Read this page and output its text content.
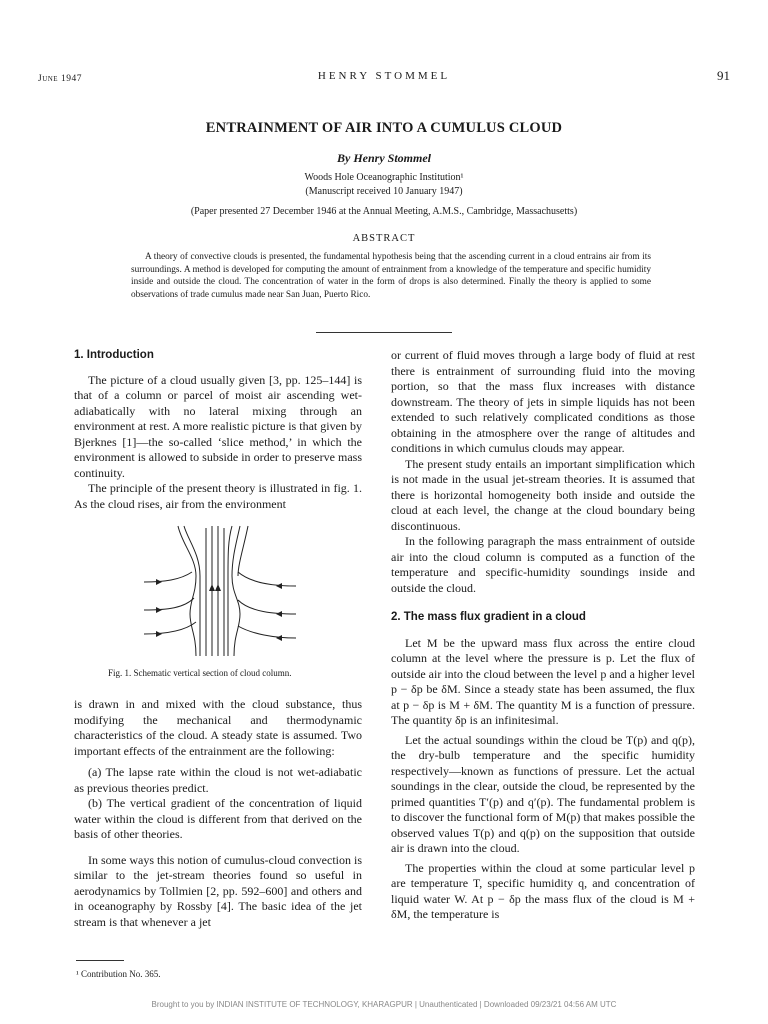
June 1947	HENRY STOMMEL	91
ENTRAINMENT OF AIR INTO A CUMULUS CLOUD
By Henry Stommel
Woods Hole Oceanographic Institution¹
(Manuscript received 10 January 1947)
(Paper presented 27 December 1946 at the Annual Meeting, A.M.S., Cambridge, Massachusetts)
ABSTRACT
A theory of convective clouds is presented, the fundamental hypothesis being that the ascending current in a cloud entrains air from its surroundings. A method is developed for computing the amount of entrainment from a knowledge of the temperature and specific humidity inside and outside the cloud. The concentration of water in the form of drops is also determined. Finally the theory is applied to some observations of trade cumulus made near San Juan, Puerto Rico.

1. Introduction

The picture of a cloud usually given [3, pp. 125–144] is that of a column or parcel of moist air ascending wet-adiabatically with no lateral mixing through an environment at rest. A more realistic picture is that given by Bjerknes [1]—the so-called ‘slice method,’ in which the environment is allowed to subside in order to preserve mass continuity.

The principle of the present theory is illustrated in fig. 1. As the cloud rises, air from the environment

Fig. 1. Schematic vertical section of cloud column.

is drawn in and mixed with the cloud substance, thus modifying the mechanical and thermodynamic characteristics of the cloud. A steady state is assumed. Two important effects of the entrainment are the following:

(a) The lapse rate within the cloud is not wet-adiabatic as previous theories predict.

(b) The vertical gradient of the concentration of liquid water within the cloud is different from that derived on the basis of other theories.

In some ways this notion of cumulus-cloud convection is similar to the jet-stream theories found so useful in aerodynamics by Tollmien [2, pp. 592–600] and others and in oceanography by Rossby [4]. The basic idea of the jet stream is that whenever a jet

¹ Contribution No. 365.

or current of fluid moves through a large body of fluid at rest there is entrainment of surrounding fluid into the moving portion, so that the mass flux increases with distance downstream. The theory of jets in simple liquids has not been extended to such relatively complicated conditions as those obtaining in the atmosphere over the range of altitudes and conditions in which cumulus clouds may appear.

The present study entails an important simplification which is not made in the usual jet-stream theories. It is assumed that there is horizontal homogeneity both inside and outside the cloud at each level, the change at the cloud boundary being discontinuous.

In the following paragraph the mass entrainment of outside air into the cloud column is computed as a function of the temperature and specific-humidity soundings inside and outside the cloud.

2. The mass flux gradient in a cloud

Let M be the upward mass flux across the entire cloud column at the level where the pressure is p. Let the flux of outside air into the cloud between the level p and a higher level p − δp be δM. Since a steady state has been assumed, the flux at p − δp is M + δM. The quantity M is a function of pressure. The quantity δp is an infinitesimal.

Let the actual soundings within the cloud be T(p) and q(p), the dry-bulb temperature and the specific humidity respectively—known as functions of pressure. Let the actual soundings in the clear, outside the cloud, be represented by the primed quantities T′(p) and q′(p). The fundamental problem is to discover the functional form of M(p) that makes possible the observed values T(p) and q(p) on the supposition that outside air is drawn into the cloud.

The properties within the cloud at some particular level p are temperature T, specific humidity q, and concentration of liquid water W. At p − δp the mass flux of the cloud is M + δM, the temperature is

Brought to you by INDIAN INSTITUTE OF TECHNOLOGY, KHARAGPUR | Unauthenticated | Downloaded 09/23/21 04:56 AM UTC
